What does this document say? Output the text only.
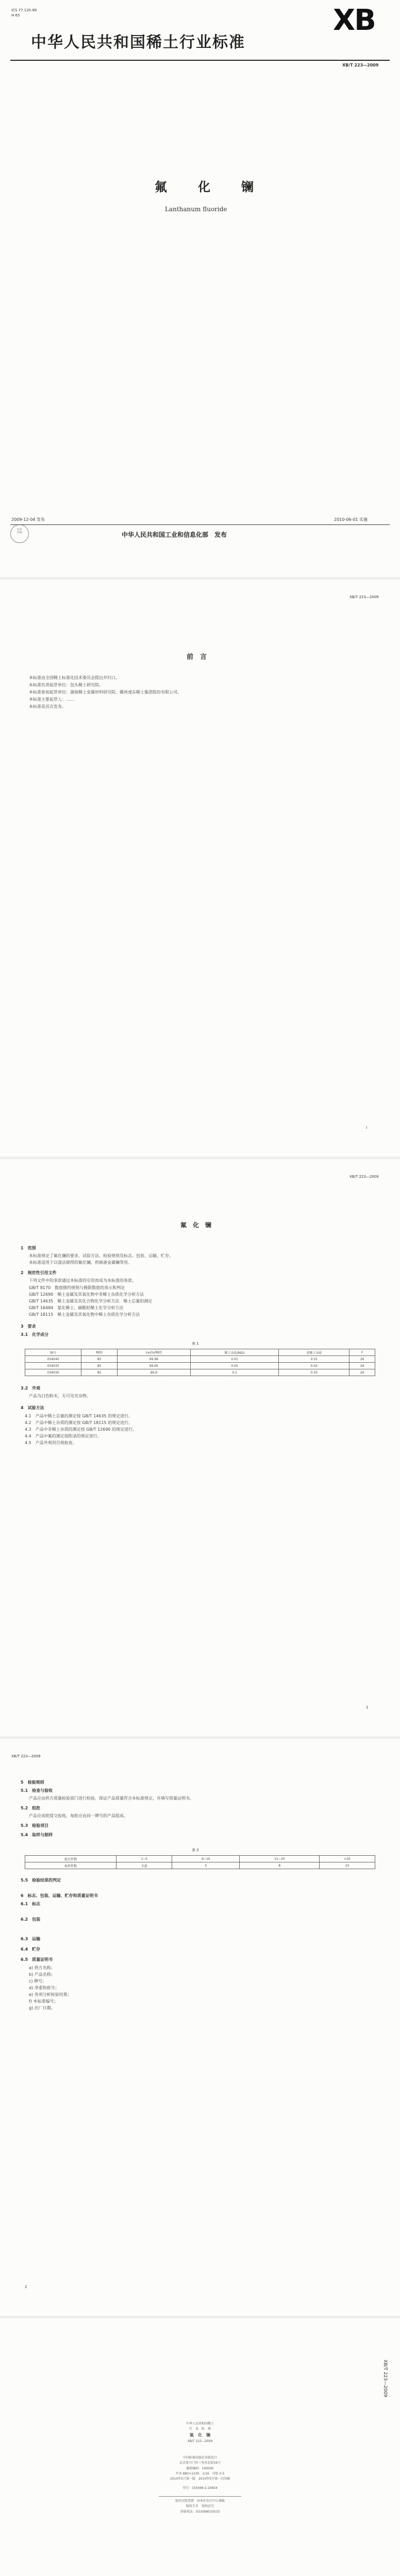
ICS 77.120.99
H 65	XB
中华人民共和国稀土行业标准
XB/T 223—2009
氟　化　镧
Lanthanum fluoride
标准
档案
2009-12-04 发布	2010-06-01 实施
中华人民共和国工业和信息化部　发布
XB/T 223—2009
前　言
本标准由全国稀土标准化技术委员会提出并归口。
本标准负责起草单位：包头稀土研究院。
本标准参加起草单位：湖南稀土金属材料研究院、赣州虔东稀土集团股份有限公司。
本标准主要起草人：……
本标准是首次发布。
I
XB/T 223—2009
氟　化　镧
1　范围
本标准规定了氟化镧的要求、试验方法、检验规则及标志、包装、运输、贮存。
本标准适用于以湿法制得的氟化镧，供制备金属镧等用。
2　规范性引用文件
下列文件中的条款通过本标准的引用而成为本标准的条款。
GB/T 8170　数值修约规则与极限数值的表示和判定
GB/T 12690　稀土金属及其氧化物中非稀土杂质化学分析方法
GB/T 14635　稀土金属及其化合物化学分析方法　稀土总量的测定
GB/T 16484　氯化稀土、碳酸轻稀土化学分析方法
GB/T 18115　稀土金属及其氧化物中稀土杂质化学分析方法
3　要求
3.1　化学成分
表 1
牌号	REO	La₂O₃/REO	稀土杂质/REO	非稀土杂质	F
034040	85	99.99	0.01	0.01	26
034035	85	99.95	0.05	0.02	26
034030	85	99.9	0.1	0.03	26
3.2　外观
产品为白色粉末，无可见夹杂物。
4　试验方法
4.1　产品中稀土总量的测定按 GB/T 14635 的规定进行。
4.2　产品中稀土杂质的测定按 GB/T 18115 的规定进行。
4.3　产品中非稀土杂质的测定按 GB/T 12690 的规定进行。
4.4　产品中氟的测定按附录的规定进行。
4.5　产品外观用目视检查。
1
XB/T 223—2009
5　检验规则
5.1　检查与验收
产品应由供方质量检验部门进行检验，保证产品质量符合本标准规定，并填写质量证明书。
5.2　组批
产品应成批提交验收，每批应由同一牌号的产品组成。
5.3　检验项目
5.4　取样与制样
表 2
批次件数	1~5	6~10	11~20	>20
取样件数	全部	5	8	10
5.5　检验结果的判定
6　标志、包装、运输、贮存和质量证明书
6.1　标志
6.2　包装
6.3　运输
6.4　贮存
6.5　质量证明书
a) 供方名称；
b) 产品名称；
c) 牌号；
d) 净重和批号；
e) 各项分析检验结果；
f) 本标准编号；
g) 出厂日期。
2
XB/T 223—2009
中华人民共和国稀土
行　业　标　准
氟　化　镧
XB/T 223—2009
中国标准出版社出版发行
北京复兴门外三里河北街16号
邮政编码：100045
开本 880×1230　1/16　印张 0.5
2010年5月第一版　2010年5月第一次印刷
书号：155066·2-20654
如有印装差错　由本社发行中心调换
版权专有　侵权必究
举报电话：(010)68533533
